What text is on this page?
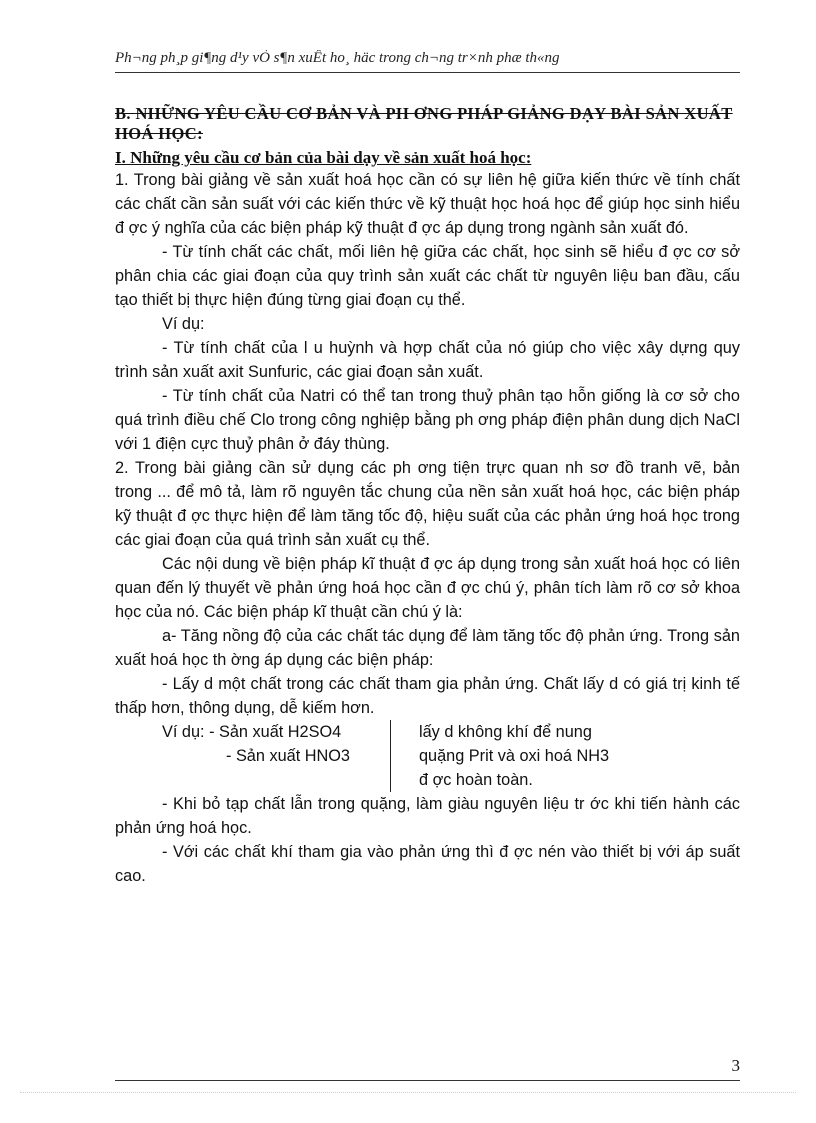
Ph¬ng ph¸p gi¶ng d¹y vÒ s¶n xuÊt ho¸ häc trong ch¬ng tr×nh phæ th«ng
B. NHỮNG YÊU CẦU CƠ BẢN VÀ PH ƠNG PHÁP GIẢNG DẠY BÀI SẢN XUẤT HOÁ HỌC:
I. Những yêu cầu cơ bản của bài dạy về sản xuất hoá học:

1. Trong bài giảng về sản xuất hoá học cần có sự liên hệ giữa kiến thức về tính chất các chất cần sản suất với các kiến thức về kỹ thuật học hoá học để giúp học sinh hiểu đ ợc ý nghĩa của các biện pháp kỹ thuật đ ợc áp dụng trong ngành sản xuất đó.

- Từ tính chất các chất, mối liên hệ giữa các chất, học sinh sẽ hiểu đ ợc cơ sở phân chia các giai đoạn của quy trình sản xuất các chất từ nguyên liệu ban đầu, cấu tạo thiết bị thực hiện đúng từng giai đoạn cụ thể.

Ví dụ:

- Từ tính chất của l u huỳnh và hợp chất của nó giúp cho việc xây dựng quy trình sản xuất axit Sunfuric, các giai đoạn sản xuất.

- Từ tính chất của Natri có thể tan trong thuỷ phân tạo hỗn giống là cơ sở cho quá trình điều chế Clo trong công nghiệp bằng ph ơng pháp điện phân dung dịch NaCl với 1 điện cực thuỷ phân ở đáy thùng.

2. Trong bài giảng cần sử dụng các ph ơng tiện trực quan nh sơ đồ tranh vẽ, bản trong ... để mô tả, làm rõ nguyên tắc chung của nền sản xuất hoá học, các biện pháp kỹ thuật đ ợc thực hiện để làm tăng tốc độ, hiệu suất của các phản ứng hoá học trong các giai đoạn của quá trình sản xuất cụ thể.

Các nội dung về biện pháp kĩ thuật đ ợc áp dụng trong sản xuất hoá học có liên quan đến lý thuyết về phản ứng hoá học cần đ ợc chú ý, phân tích làm rõ cơ sở khoa học của nó. Các biện pháp kĩ thuật cần chú ý là:

a- Tăng nồng độ của các chất tác dụng để làm tăng tốc độ phản ứng. Trong sản xuất hoá học th ờng áp dụng các biện pháp:

- Lấy d một chất trong các chất tham gia phản ứng. Chất lấy d có giá trị kinh tế thấp hơn, thông dụng, dễ kiếm hơn.

Ví dụ: - Sản xuất H2SO4
- Sản xuất HNO3
lấy d không khí để nung
quặng Prit và oxi hoá NH3
đ ợc hoàn toàn.

- Khi bỏ tạp chất lẫn trong quặng, làm giàu nguyên liệu tr ớc khi tiến hành các phản ứng hoá học.

- Với các chất khí tham gia vào phản ứng thì đ ợc nén vào thiết bị với áp suất cao.

3
